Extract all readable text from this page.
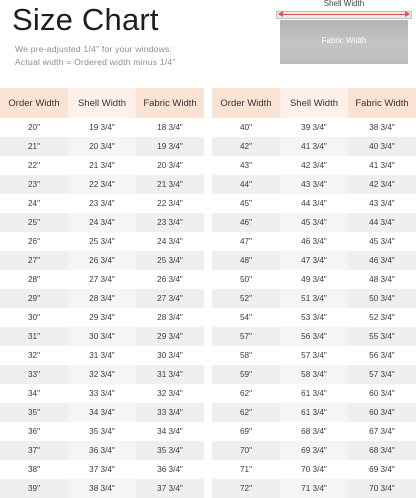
Size Chart
We pre-adjusted 1/4" for your windows:
Actual width = Ordered width minus 1/4"
Shell Width
Fabric Width
Order Width	Shell Width	Fabric Width		Order Width	Shell Width	Fabric Width
20"	19 3/4"	18 3/4"		40"	39 3/4"	38 3/4"
21"	20 3/4"	19 3/4"		42"	41 3/4"	40 3/4"
22"	21 3/4"	20 3/4"		43"	42 3/4"	41 3/4"
23"	22 3/4"	21 3/4"		44"	43 3/4"	42 3/4"
24"	23 3/4"	22 3/4"		45"	44 3/4"	43 3/4"
25"	24 3/4"	23 3/4"		46"	45 3/4"	44 3/4"
26"	25 3/4"	24 3/4"		47"	46 3/4"	45 3/4"
27"	26 3/4"	25 3/4"		48"	47 3/4"	46 3/4"
28"	27 3/4"	26 3/4"		50"	49 3/4"	48 3/4"
29"	28 3/4"	27 3/4"		52"	51 3/4"	50 3/4"
30"	29 3/4"	28 3/4"		54"	53 3/4"	52 3/4"
31"	30 3/4"	29 3/4"		57"	56 3/4"	55 3/4"
32"	31 3/4"	30 3/4"		58"	57 3/4"	56 3/4"
33"	32 3/4"	31 3/4"		59"	58 3/4"	57 3/4"
34"	33 3/4"	32 3/4"		62"	61 3/4"	60 3/4"
35"	34 3/4"	33 3/4"		62"	61 3/4"	60 3/4"
36"	35 3/4"	34 3/4"		69"	68 3/4"	67 3/4"
37"	36 3/4"	35 3/4"		70"	69 3/4"	68 3/4"
38"	37 3/4"	36 3/4"		71"	70 3/4"	69 3/4"
39"	38 3/4"	37 3/4"		72"	71 3/4"	70 3/4"
